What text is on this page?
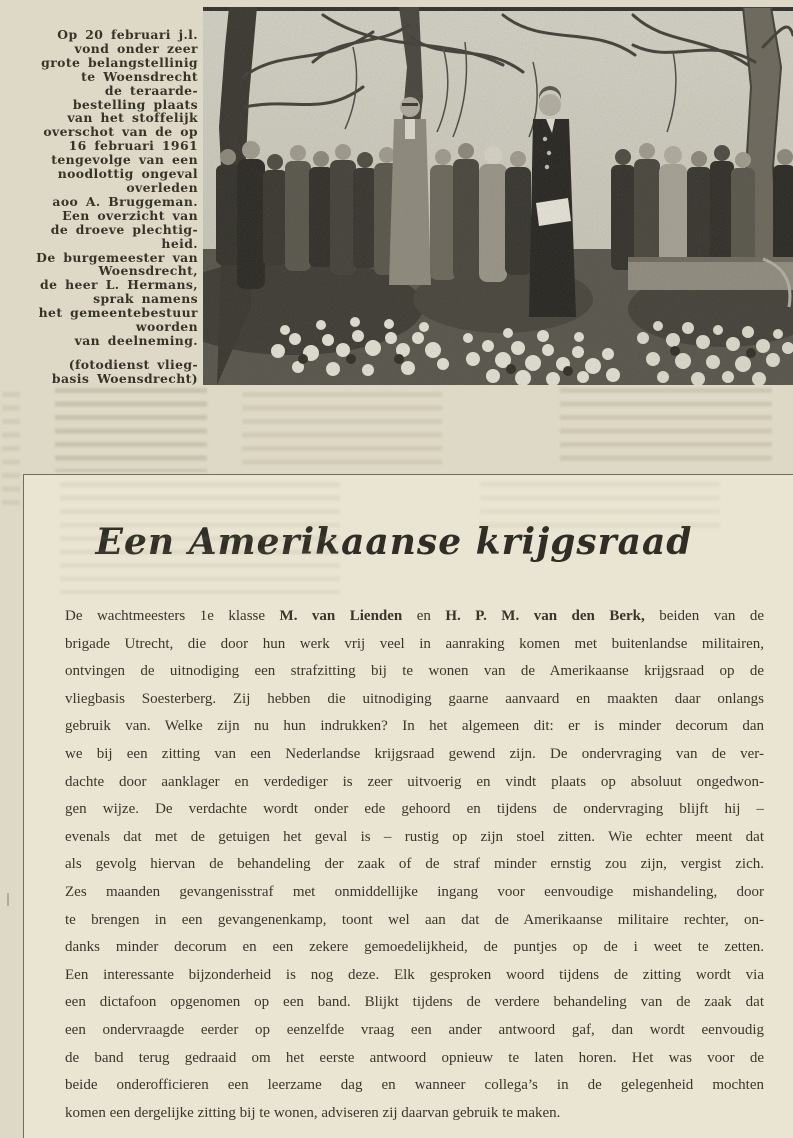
Op 20 februari j.l.
vond onder zeer
grote belangstellinig
te Woensdrecht
de teraarde-
bestelling plaats
van het stoffelijk
overschot van de op
16 februari 1961
tengevolge van een
noodlottig ongeval
overleden
aoo A. Bruggeman.
Een overzicht van
de droeve plechtig-
heid.
De burgemeester van
Woensdrecht,
de heer L. Hermans,
sprak namens
het gemeentebestuur
woorden
van deelneming.
(fotodienst vlieg-
basis Woensdrecht)
Een Amerikaanse krijgsraad
De wachtmeesters 1e klasse M. van Lienden en H. P. M. van den Berk, beiden van de
brigade Utrecht, die door hun werk vrij veel in aanraking komen met buitenlandse militairen,
ontvingen de uitnodiging een strafzitting bij te wonen van de Amerikaanse krijgsraad op de
vliegbasis Soesterberg. Zij hebben die uitnodiging gaarne aanvaard en maakten daar onlangs
gebruik van. Welke zijn nu hun indrukken? In het algemeen dit: er is minder decorum dan
we bij een zitting van een Nederlandse krijgsraad gewend zijn. De ondervraging van de ver-
dachte door aanklager en verdediger is zeer uitvoerig en vindt plaats op absoluut ongedwon-
gen wijze. De verdachte wordt onder ede gehoord en tijdens de ondervraging blijft hij –
evenals dat met de getuigen het geval is – rustig op zijn stoel zitten. Wie echter meent dat
als gevolg hiervan de behandeling der zaak of de straf minder ernstig zou zijn, vergist zich.
Zes maanden gevangenisstraf met onmiddellijke ingang voor eenvoudige mishandeling, door
te brengen in een gevangenenkamp, toont wel aan dat de Amerikaanse militaire rechter, on-
danks minder decorum en een zekere gemoedelijkheid, de puntjes op de i weet te zetten.
Een interessante bijzonderheid is nog deze. Elk gesproken woord tijdens de zitting wordt via
een dictafoon opgenomen op een band. Blijkt tijdens de verdere behandeling van de zaak dat
een ondervraagde eerder op eenzelfde vraag een ander antwoord gaf, dan wordt eenvoudig
de band terug gedraaid om het eerste antwoord opnieuw te laten horen. Het was voor de
beide onderofficieren een leerzame dag en wanneer collega’s in de gelegenheid mochten
komen een dergelijke zitting bij te wonen, adviseren zij daarvan gebruik te maken.
